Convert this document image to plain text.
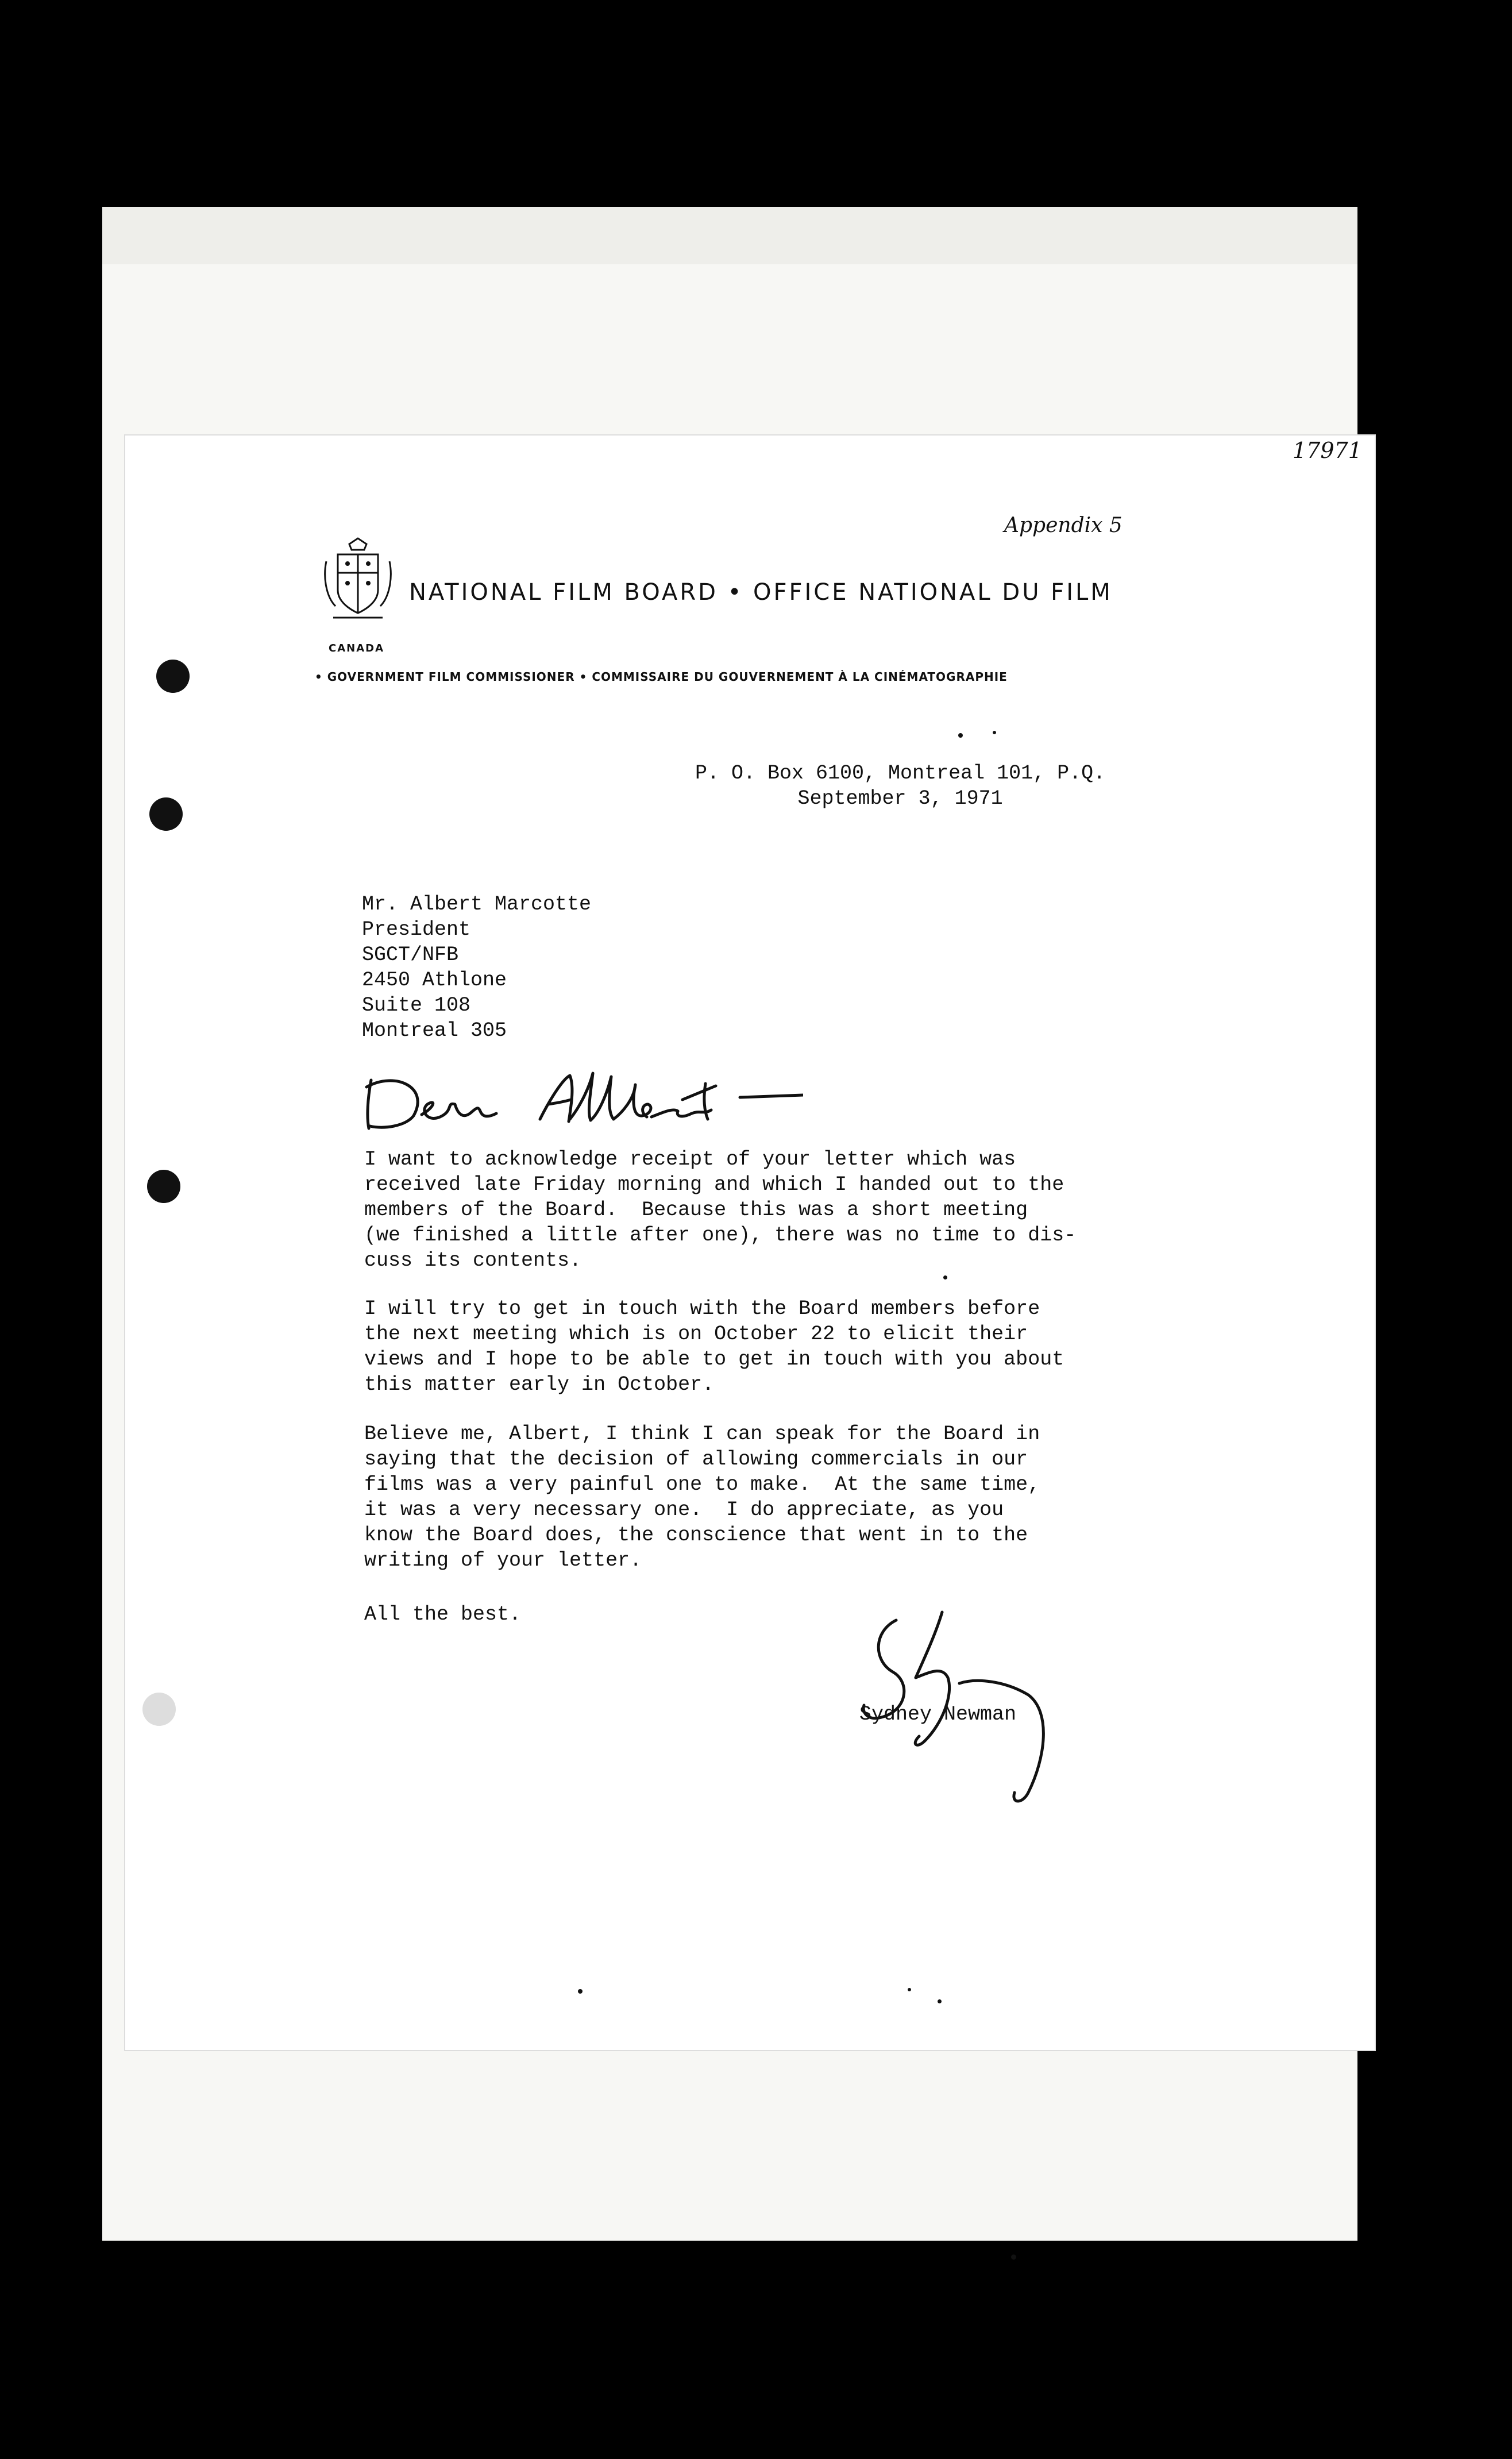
17971
Appendix 5
CANADA
NATIONAL FILM BOARD • OFFICE NATIONAL DU FILM
• GOVERNMENT FILM COMMISSIONER • COMMISSAIRE DU GOUVERNEMENT À LA CINÉMATOGRAPHIE
P. O. Box 6100, Montreal 101, P.Q.
September 3, 1971
Mr. Albert Marcotte
President
SGCT/NFB
2450 Athlone
Suite 108
Montreal 305
I want to acknowledge receipt of your letter which was
received late Friday morning and which I handed out to the
members of the Board.  Because this was a short meeting
(we finished a little after one), there was no time to dis-
cuss its contents.
I will try to get in touch with the Board members before
the next meeting which is on October 22 to elicit their
views and I hope to be able to get in touch with you about
this matter early in October.
Believe me, Albert, I think I can speak for the Board in
saying that the decision of allowing commercials in our
films was a very painful one to make.  At the same time,
it was a very necessary one.  I do appreciate, as you
know the Board does, the conscience that went in to the
writing of your letter.
All the best.
Sydney Newman
